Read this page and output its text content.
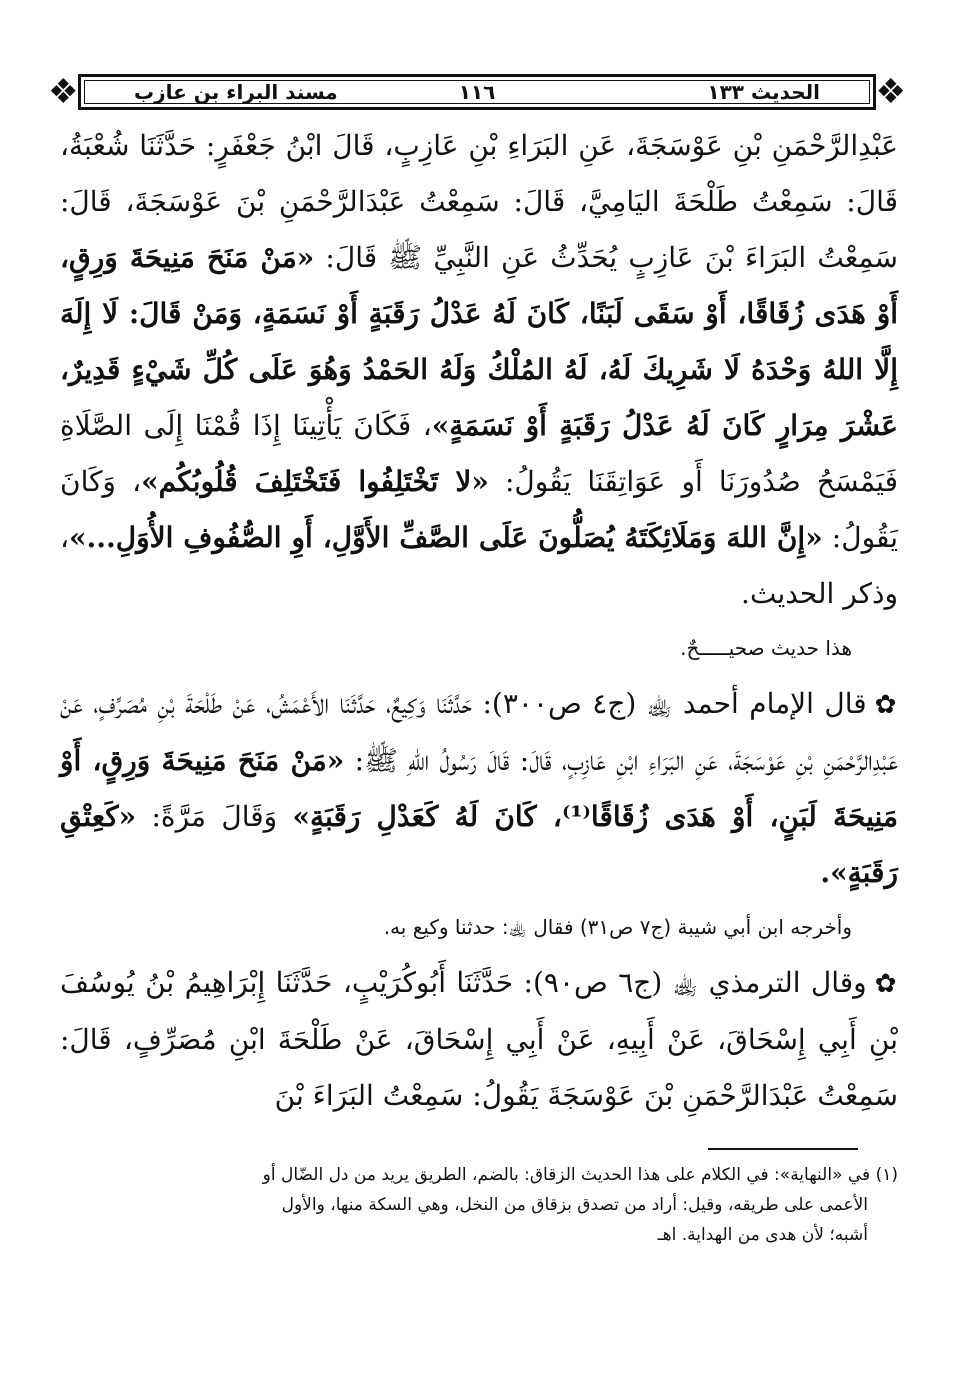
❖
الحديث ١٣٣
١١٦
مسند البراء بن عازب
❖

عَبْدِالرَّحْمَنِ بْنِ عَوْسَجَةَ، عَنِ البَرَاءِ بْنِ عَازِبٍ، قَالَ ابْنُ جَعْفَرٍ: حَدَّثَنَا شُعْبَةُ، قَالَ: سَمِعْتُ طَلْحَةَ اليَامِيَّ، قَالَ: سَمِعْتُ عَبْدَالرَّحْمَنِ بْنَ عَوْسَجَةَ، قَالَ: سَمِعْتُ البَرَاءَ بْنَ عَازِبٍ يُحَدِّثُ عَنِ النَّبِيِّ ﷺ قَالَ: «مَنْ مَنَحَ مَنِيحَةَ وَرِقٍ، أَوْ هَدَى زُقَاقًا، أَوْ سَقَى لَبَنًا، كَانَ لَهُ عَدْلُ رَقَبَةٍ أَوْ نَسَمَةٍ، وَمَنْ قَالَ: لَا إِلَهَ إِلَّا اللهُ وَحْدَهُ لَا شَرِيكَ لَهُ، لَهُ المُلْكُ وَلَهُ الحَمْدُ وَهُوَ عَلَى كُلِّ شَيْءٍ قَدِيرٌ، عَشْرَ مِرَارٍ كَانَ لَهُ عَدْلُ رَقَبَةٍ أَوْ نَسَمَةٍ»، فَكَانَ يَأْتِينَا إِذَا قُمْنَا إِلَى الصَّلَاةِ فَيَمْسَحُ صُدُورَنَا أَو عَوَاتِقَنَا يَقُولُ: «لا تَخْتَلِفُوا فَتَخْتَلِفَ قُلُوبُكُم»، وَكَانَ يَقُولُ: «إِنَّ اللهَ وَمَلَائِكَتَهُ يُصَلُّونَ عَلَى الصَّفِّ الأَوَّلِ، أَوِ الصُّفُوفِ الأُوَلِ...»، وذكر الحديث.

هذا حديث صحيـــــحٌ.

✿قال الإمام أحمد ﵀ (ج٤ ص٣٠٠): حَدَّثَنَا وَكِيعٌ، حَدَّثَنَا الأَعْمَشُ، عَنْ طَلْحَةَ بْنِ مُصَرِّفٍ، عَنْ عَبْدِالرَّحْمَنِ بْنِ عَوْسَجَةَ، عَنِ البَرَاءِ ابْنِ عَازِبٍ، قَالَ: قَالَ رَسُولُ اللهِ ﷺ: «مَنْ مَنَحَ مَنِيحَةَ وَرِقٍ، أَوْ مَنِيحَةَ لَبَنٍ، أَوْ هَدَى زُقَاقًا⁽¹⁾، كَانَ لَهُ كَعَدْلِ رَقَبَةٍ» وَقَالَ مَرَّةً: «كَعِتْقِ رَقَبَةٍ».

وأخرجه ابن أبي شيبة (ج٧ ص٣١) فقال ﵀: حدثنا وكيع به.

✿وقال الترمذي ﵀ (ج٦ ص٩٠): حَدَّثَنَا أَبُوكُرَيْبٍ، حَدَّثَنَا إِبْرَاهِيمُ بْنُ يُوسُفَ بْنِ أَبِي إِسْحَاقَ، عَنْ أَبِيهِ، عَنْ أَبِي إِسْحَاقَ، عَنْ طَلْحَةَ ابْنِ مُصَرِّفٍ، قَالَ: سَمِعْتُ عَبْدَالرَّحْمَنِ بْنَ عَوْسَجَةَ يَقُولُ: سَمِعْتُ البَرَاءَ بْنَ

(١) في «النهاية»: في الكلام على هذا الحديث الزقاق: بالضم، الطريق يريد من دل الضّال أو

الأعمى على طريقه، وقيل: أراد من تصدق بزقاق من النخل، وهي السكة منها، والأول

أشبه؛ لأن هدى من الهداية. اهـ
